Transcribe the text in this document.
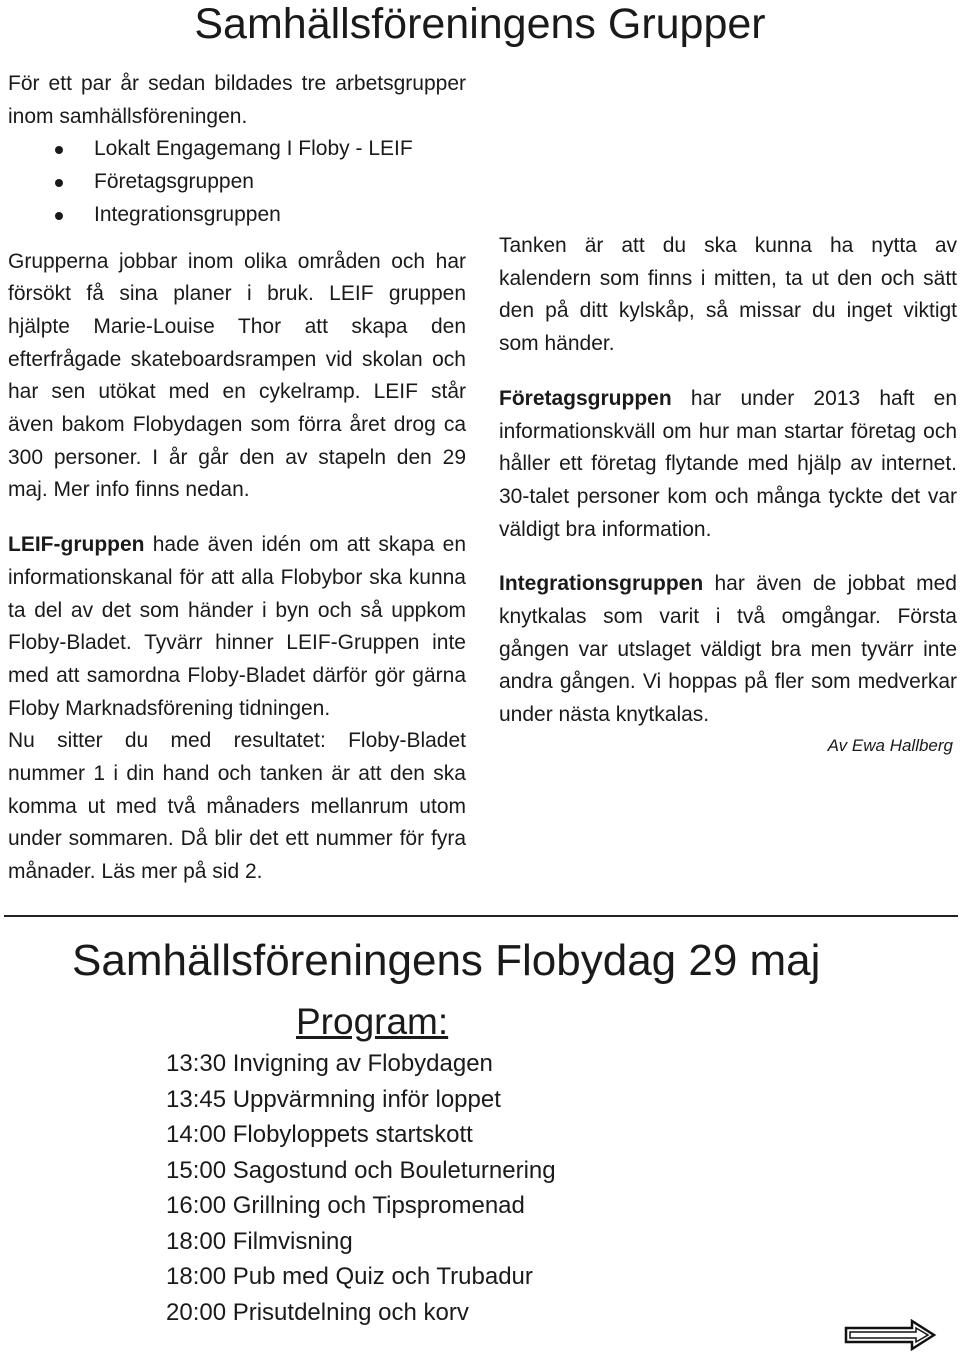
Samhällsföreningens Grupper

För ett par år sedan bildades tre arbetsgrupper inom samhällsföreningen.

Lokalt Engagemang I Floby - LEIF
Företagsgruppen
Integrationsgruppen

Grupperna jobbar inom olika områden och har försökt få sina planer i bruk. LEIF gruppen hjälpte Marie-Louise Thor att skapa den efterfrågade skateboardsrampen vid skolan och har sen utökat med en cykelramp. LEIF står även bakom Flobydagen som förra året drog ca 300 personer. I år går den av stapeln den 29 maj. Mer info finns nedan.

LEIF-gruppen hade även idén om att skapa en informationskanal för att alla Flobybor ska kunna ta del av det som händer i byn och så uppkom Floby-Bladet. Tyvärr hinner LEIF-Gruppen inte med att samordna Floby-Bladet därför gör gärna Floby Marknadsförening tidningen.

Nu sitter du med resultatet: Floby-Bladet nummer 1 i din hand och tanken är att den ska komma ut med två månaders mellanrum utom under sommaren. Då blir det ett nummer för fyra månader. Läs mer på sid 2.

Tanken är att du ska kunna ha nytta av kalendern som finns i mitten, ta ut den och sätt den på ditt kylskåp, så missar du inget viktigt som händer.

Företagsgruppen har under 2013 haft en informationskväll om hur man startar företag och håller ett företag flytande med hjälp av internet. 30-talet personer kom och många tyckte det var väldigt bra information.

Integrationsgruppen har även de jobbat med knytkalas som varit i två omgångar. Första gången var utslaget väldigt bra men tyvärr inte andra gången. Vi hoppas på fler som medverkar under nästa knytkalas.

Av Ewa Hallberg
Samhällsföreningens Flobydag 29 maj
Program:
13:30 Invigning av Flobydagen
13:45 Uppvärmning inför loppet
14:00 Flobyloppets startskott
15:00 Sagostund och Bouleturnering
16:00 Grillning och Tipspromenad
18:00 Filmvisning
18:00 Pub med Quiz och Trubadur
20:00 Prisutdelning och korv
